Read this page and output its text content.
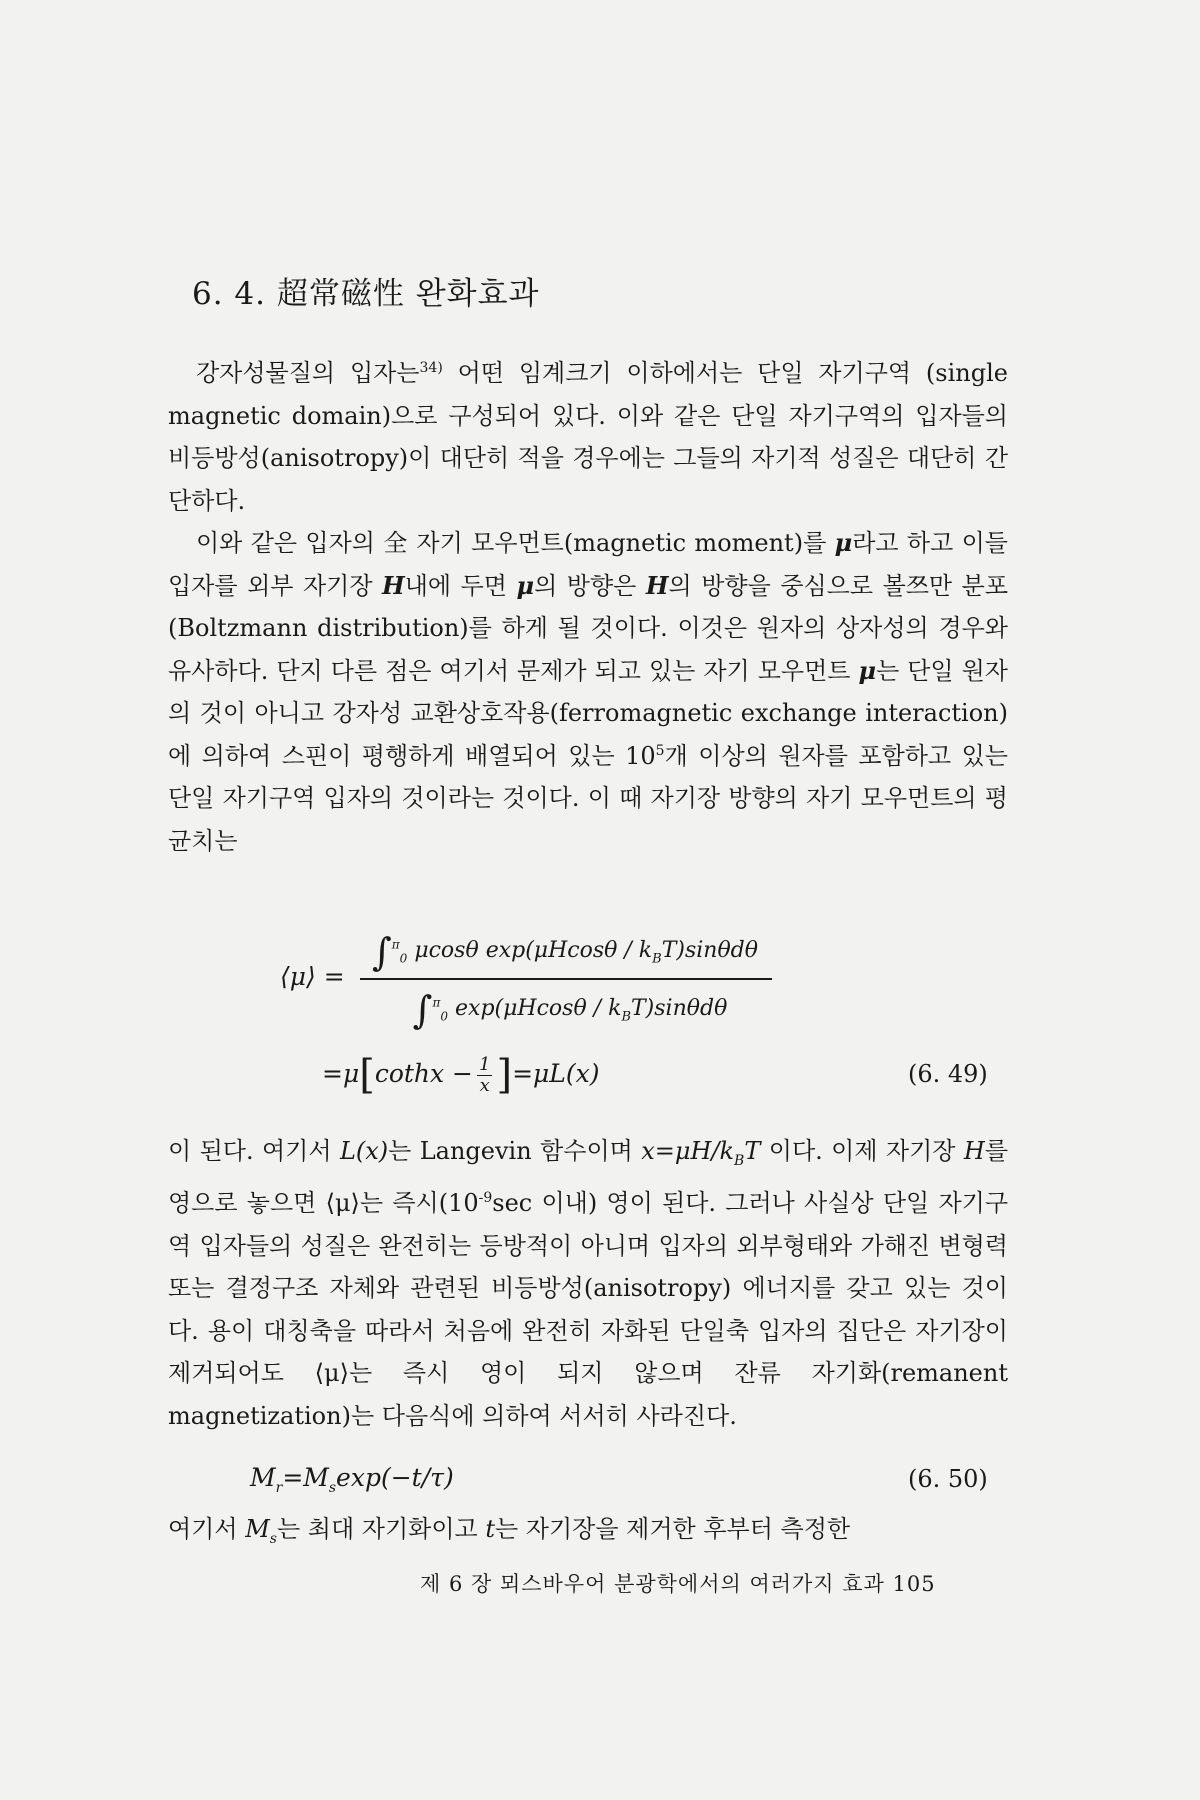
6. 4. 超常磁性 완화효과

강자성물질의 입자는$^{34)}$ 어떤 임계크기 이하에서는 단일 자기구역 (single magnetic domain)으로 구성되어 있다. 이와 같은 단일 자기구역의 입자들의 비등방성(anisotropy)이 대단히 적을 경우에는 그들의 자기적 성질은 대단히 간단하다.

이와 같은 입자의 全 자기 모우먼트(magnetic moment)를 μ라고 하고 이들 입자를 외부 자기장 H내에 두면 μ의 방향은 H의 방향을 중심으로 볼쯔만 분포(Boltzmann distribution)를 하게 될 것이다. 이것은 원자의 상자성의 경우와 유사하다. 단지 다른 점은 여기서 문제가 되고 있는 자기 모우먼트 μ는 단일 원자의 것이 아니고 강자성 교환상호작용(ferromagnetic exchange interaction)에 의하여 스핀이 평행하게 배열되어 있는 $10^5$개 이상의 원자를 포함하고 있는 단일 자기구역 입자의 것이라는 것이다. 이 때 자기장 방향의 자기 모우먼트의 평균치는

⟨μ⟩ =
∫$^\pi_0$ μcosθ $\exp(\mu Hcos\theta / k_BT)\sin\theta d\theta$
∫$^\pi_0$ $\exp(\mu Hcos\theta / k_BT)\sin\theta d\theta$
=μ[cothx − $\frac{1}{x} ]=\mu L(x)$	(6. 49)

이 된다. 여기서 L(x)는 Langevin 함수이며 $x=\mu H/k_BT$ 이다. 이제 자기장 H를 영으로 놓으면 ⟨μ⟩는 즉시($10^{-9}\sec$ 이내) 영이 된다. 그러나 사실상 단일 자기구역 입자들의 성질은 완전히는 등방적이 아니며 입자의 외부형태와 가해진 변형력 또는 결정구조 자체와 관련된 비등방성(anisotropy) 에너지를 갖고 있는 것이다. 용이 대칭축을 따라서 처음에 완전히 자화된 단일축 입자의 집단은 자기장이 제거되어도 ⟨μ⟩는 즉시 영이 되지 않으며 잔류 자기화(remanent magnetization)는 다음식에 의하여 서서히 사라진다.

$M_r=M_s\exp(-t/\tau)$	(6. 50)

여기서 $M_s$는 최대 자기화이고 t는 자기장을 제거한 후부터 측정한

제 6 장 뫼스바우어 분광학에서의 여러가지 효과 105
